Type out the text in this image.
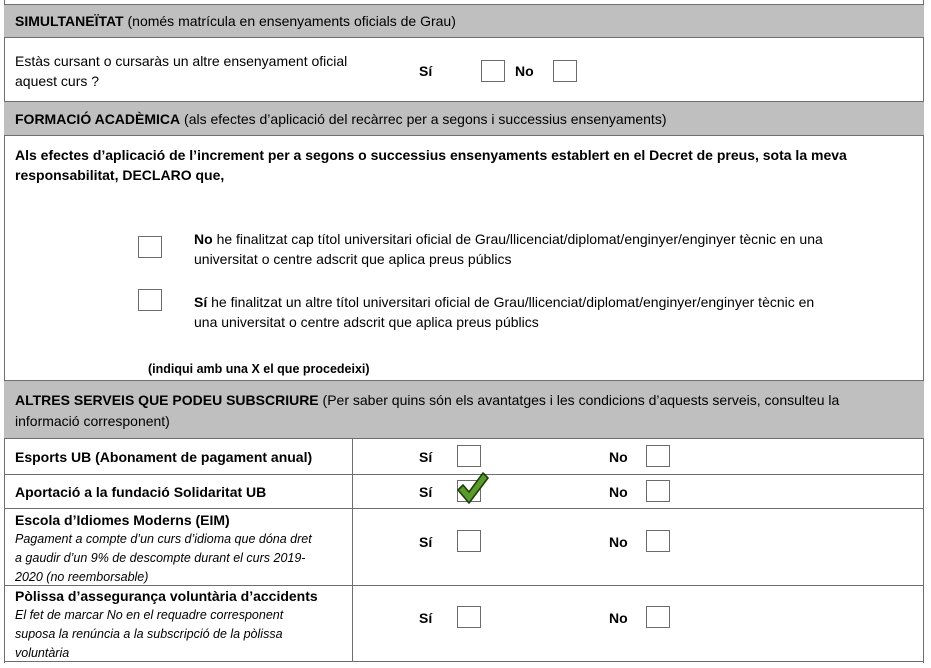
SIMULTANEÏTAT (només matrícula en ensenyaments oficials de Grau)
Estàs cursant o cursaràs un altre ensenyament oficial
aquest curs ?
Sí	No
FORMACIÓ ACADÈMICA (als efectes d’aplicació del recàrrec per a segons i successius ensenyaments)
Als efectes d’aplicació de l’increment per a segons o successius ensenyaments establert en el Decret de preus, sota la meva
responsabilitat, DECLARO que,
No he finalitzat cap títol universitari oficial de Grau/llicenciat/diplomat/enginyer/enginyer tècnic en una
universitat o centre adscrit que aplica preus públics
Sí he finalitzat un altre títol universitari oficial de Grau/llicenciat/diplomat/enginyer/enginyer tècnic en
una universitat o centre adscrit que aplica preus públics
(indiqui amb una X el que procedeixi)
ALTRES SERVEIS QUE PODEU SUBSCRIURE (Per saber quins són els avantatges i les condicions d’aquests serveis, consulteu la
informació corresponent)
Esports UB (Abonament de pagament anual)	Sí	No
Aportació a la fundació Solidaritat UB	Sí	No
Escola d’Idiomes Moderns (EIM)
Pagament a compte d’un curs d’idioma que dóna dret
a gaudir d’un 9% de descompte durant el curs 2019-
2020 (no reemborsable)
Sí	No
Pòlissa d’assegurança voluntària d’accidents
El fet de marcar No en el requadre corresponent
suposa la renúncia a la subscripció de la pòlissa
voluntària
Sí	No
